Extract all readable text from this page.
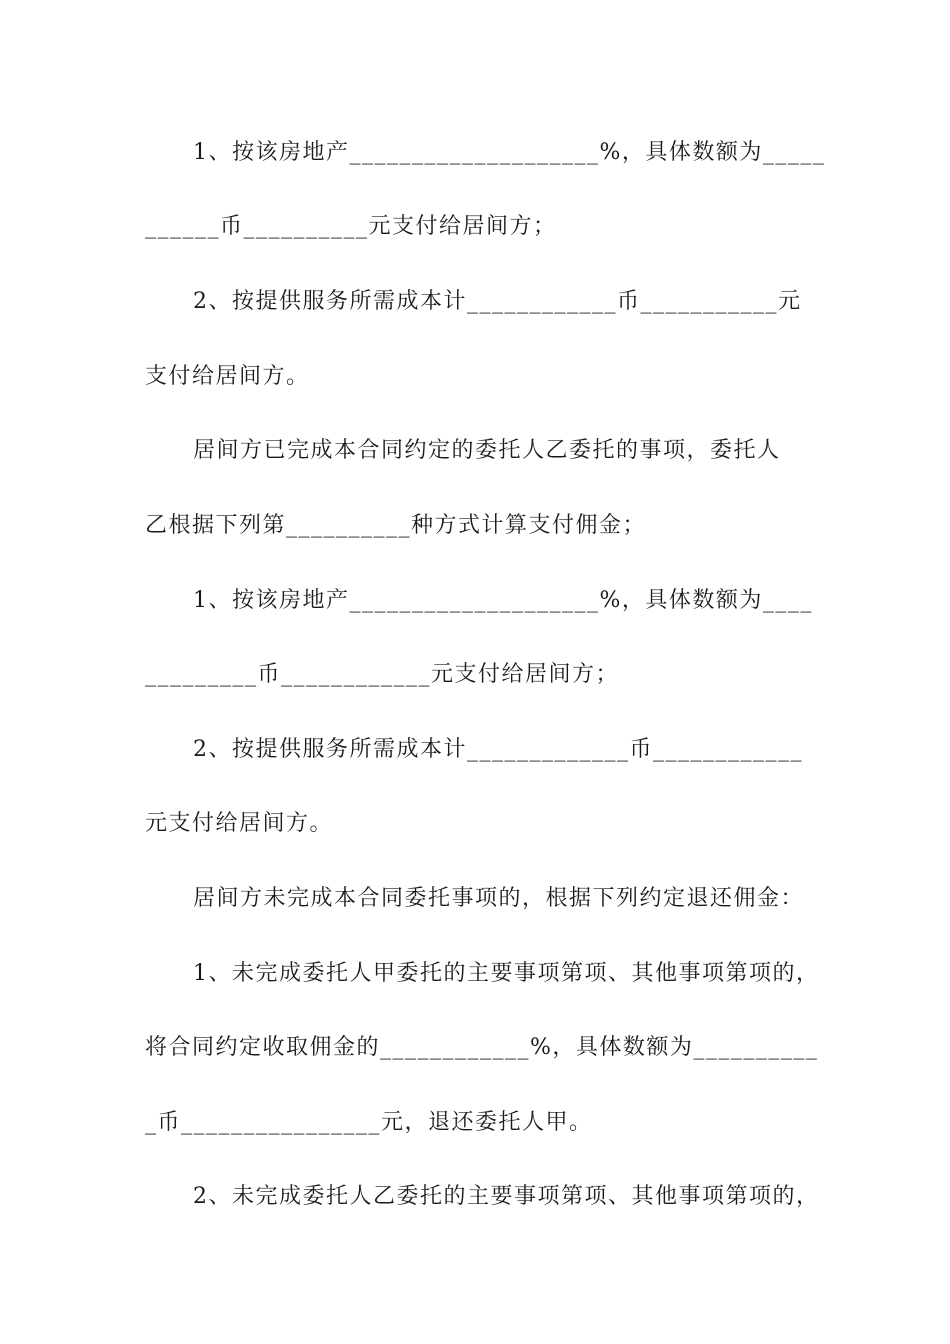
1、按该房地产____________________%，具体数额为_____
______币__________元支付给居间方；
2、按提供服务所需成本计____________币___________元
支付给居间方。
居间方已完成本合同约定的委托人乙委托的事项，委托人
乙根据下列第__________种方式计算支付佣金；
1、按该房地产____________________%，具体数额为____
_________币____________元支付给居间方；
2、按提供服务所需成本计_____________币____________
元支付给居间方。
居间方未完成本合同委托事项的，根据下列约定退还佣金：
1、未完成委托人甲委托的主要事项第项、其他事项第项的，
将合同约定收取佣金的____________%，具体数额为__________
_币________________元，退还委托人甲。
2、未完成委托人乙委托的主要事项第项、其他事项第项的，
